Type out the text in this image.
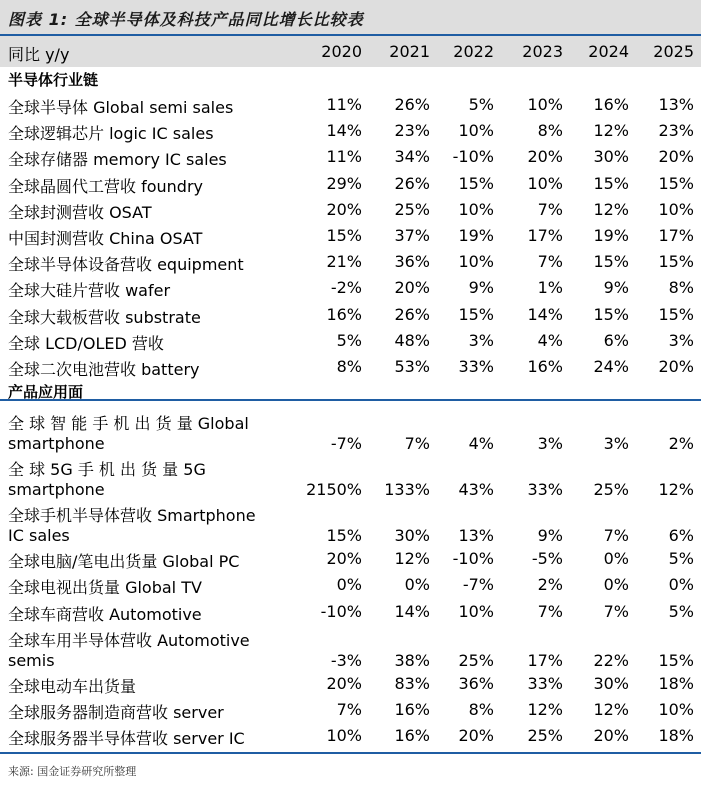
图表 1: 全球半导体及科技产品同比增长比较表
同比 y/y	2020	2021	2022	2023	2024	2025
半导体行业链
全球半导体 Global semi sales	11%	26%	5%	10%	16%	13%
全球逻辑芯片 logic IC sales	14%	23%	10%	8%	12%	23%
全球存储器 memory IC sales	11%	34%	-10%	20%	30%	20%
全球晶圆代工营收 foundry	29%	26%	15%	10%	15%	15%
全球封测营收 OSAT	20%	25%	10%	7%	12%	10%
中国封测营收 China OSAT	15%	37%	19%	17%	19%	17%
全球半导体设备营收 equipment	21%	36%	10%	7%	15%	15%
全球大硅片营收 wafer	-2%	20%	9%	1%	9%	8%
全球大载板营收 substrate	16%	26%	15%	14%	15%	15%
全球 LCD/OLED 营收	5%	48%	3%	4%	6%	3%
全球二次电池营收 battery	8%	53%	33%	16%	24%	20%
产品应用面
全 球 智 能 手 机 出 货 量 Global
smartphone	-7%	7%	4%	3%	3%	2%
全 球 5G 手 机 出 货 量 5G
smartphone	2150%	133%	43%	33%	25%	12%
全球手机半导体营收 Smartphone
IC sales	15%	30%	13%	9%	7%	6%
全球电脑/笔电出货量 Global PC	20%	12%	-10%	-5%	0%	5%
全球电视出货量 Global TV	0%	0%	-7%	2%	0%	0%
全球车商营收 Automotive	-10%	14%	10%	7%	7%	5%
全球车用半导体营收 Automotive
semis	-3%	38%	25%	17%	22%	15%
全球电动车出货量	20%	83%	36%	33%	30%	18%
全球服务器制造商营收 server	7%	16%	8%	12%	12%	10%
全球服务器半导体营收 server IC	10%	16%	20%	25%	20%	18%
来源: 国金证券研究所整理
